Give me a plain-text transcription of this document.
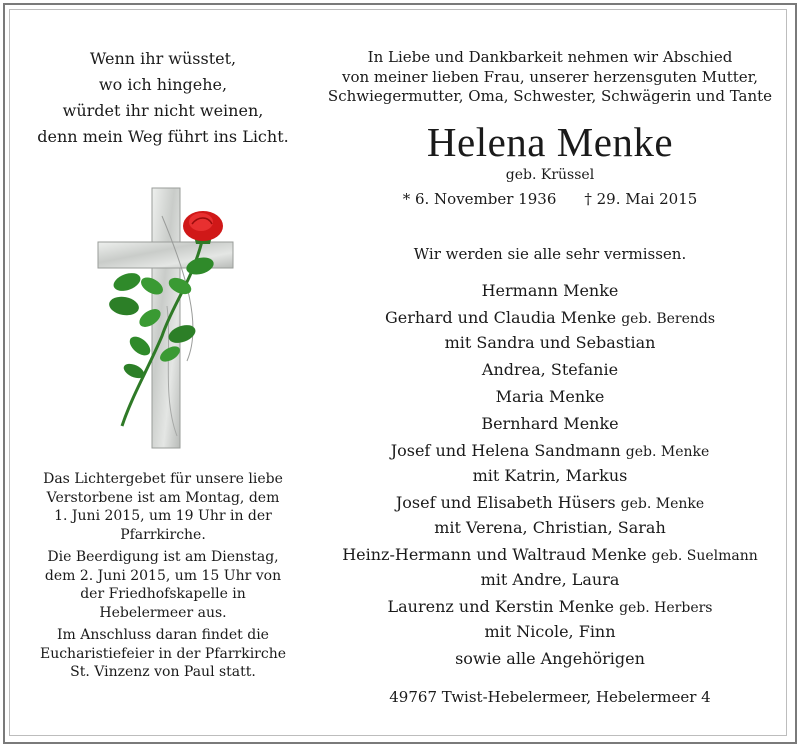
Wenn ihr wüsstet,
wo ich hingehe,
würdet ihr nicht weinen,
denn mein Weg führt ins Licht.

Das Lichtergebet für unsere liebe
Verstorbene ist am Montag, dem
1. Juni 2015, um 19 Uhr in der
Pfarrkirche.

Die Beerdigung ist am Dienstag,
dem 2. Juni 2015, um 15 Uhr von
der Friedhofskapelle in
Hebelermeer aus.

Im Anschluss daran findet die
Eucharistiefeier in der Pfarrkirche
St. Vinzenz von Paul statt.

In Liebe und Dankbarkeit nehmen wir Abschied
von meiner lieben Frau, unserer herzensguten Mutter,
Schwiegermutter, Oma, Schwester, Schwägerin und Tante
Helena Menke
geb. Krüssel
* 6. November 1936 † 29. Mai 2015
Wir werden sie alle sehr vermissen.
Hermann Menke
Gerhard und Claudia Menke geb. Berends
mit Sandra und Sebastian
Andrea, Stefanie
Maria Menke
Bernhard Menke
Josef und Helena Sandmann geb. Menke
mit Katrin, Markus
Josef und Elisabeth Hüsers geb. Menke
mit Verena, Christian, Sarah
Heinz-Hermann und Waltraud Menke geb. Suelmann
mit Andre, Laura
Laurenz und Kerstin Menke geb. Herbers
mit Nicole, Finn
sowie alle Angehörigen
49767 Twist-Hebelermeer, Hebelermeer 4
